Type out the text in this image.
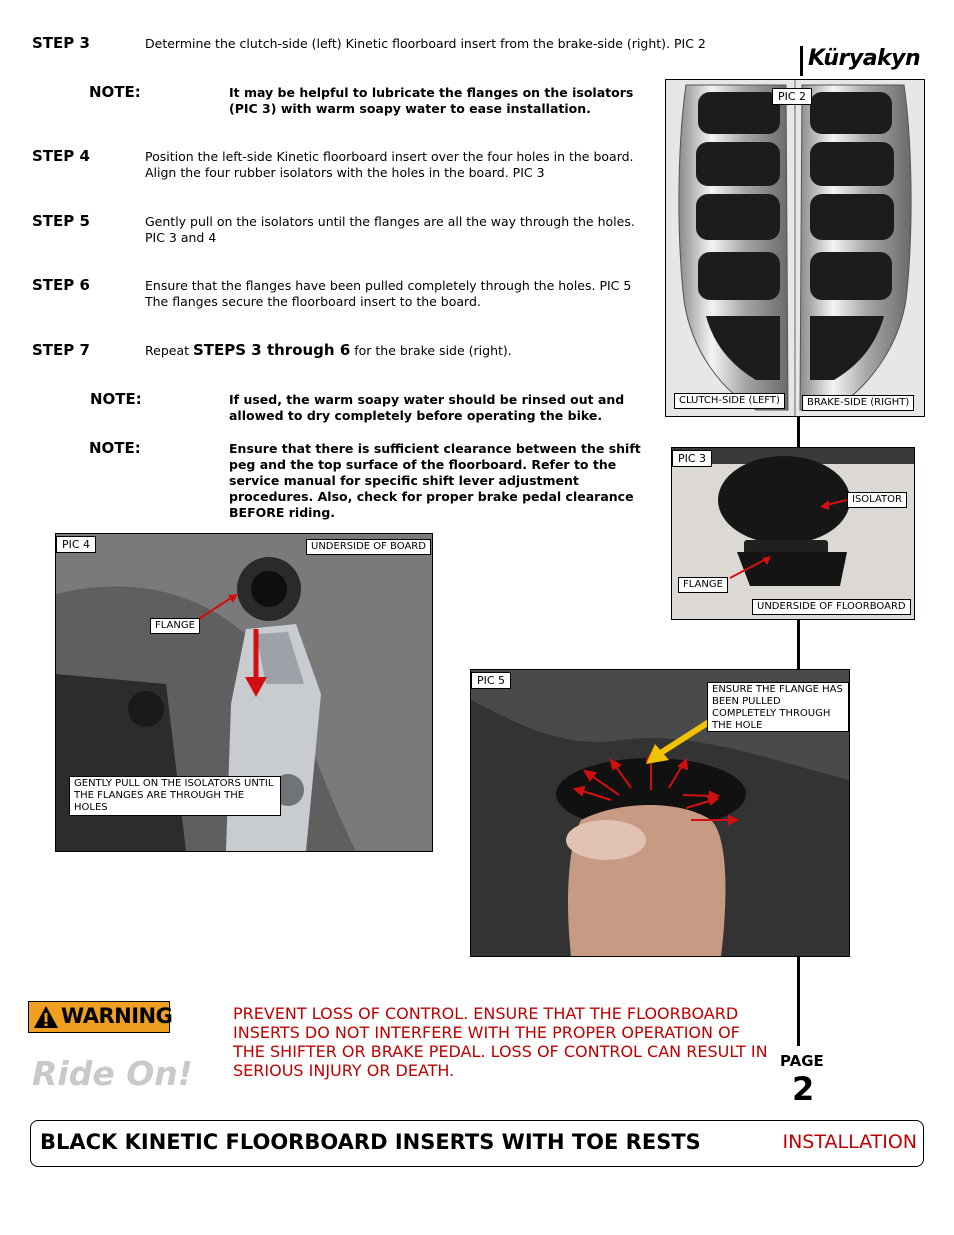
STEP 3	Determine the clutch-side (left) Kinetic floorboard insert from the brake-side (right). PIC 2
NOTE:	It may be helpful to lubricate the flanges on the isolators (PIC 3) with warm soapy water to ease installation.
STEP 4	Position the left-side Kinetic floorboard insert over the four holes in the board. Align the four rubber isolators with the holes in the board. PIC 3
STEP 5	Gently pull on the isolators until the flanges are all the way through the holes. PIC 3 and 4
STEP 6	Ensure that the flanges have been pulled completely through the holes. PIC 5 The flanges secure the floorboard insert to the board.
STEP 7	Repeat STEPS 3 through 6 for the brake side (right).
NOTE:	If used, the warm soapy water should be rinsed out and allowed to dry completely before operating the bike.
NOTE:	Ensure that there is sufficient clearance between the shift peg and the top surface of the floorboard. Refer to the service manual for specific shift lever adjustment procedures. Also, check for proper brake pedal clearance BEFORE riding.
Küryakyn
PIC 2
CLUTCH-SIDE (LEFT)	BRAKE-SIDE (RIGHT)
PIC 3
ISOLATOR
FLANGE
UNDERSIDE OF FLOORBOARD
PIC 4	UNDERSIDE OF BOARD
FLANGE
GENTLY PULL ON THE ISOLATORS UNTIL THE FLANGES ARE THROUGH THE HOLES
PIC 5
ENSURE THE FLANGE HAS BEEN PULLED COMPLETELY THROUGH THE HOLE
WARNING	PREVENT LOSS OF CONTROL. ENSURE THAT THE FLOORBOARD INSERTS DO NOT INTERFERE WITH THE PROPER OPERATION OF THE SHIFTER OR BRAKE PEDAL. LOSS OF CONTROL CAN RESULT IN SERIOUS INJURY OR DEATH.
Ride On!	PAGE
2
BLACK KINETIC FLOORBOARD INSERTS WITH TOE RESTS	INSTALLATION
